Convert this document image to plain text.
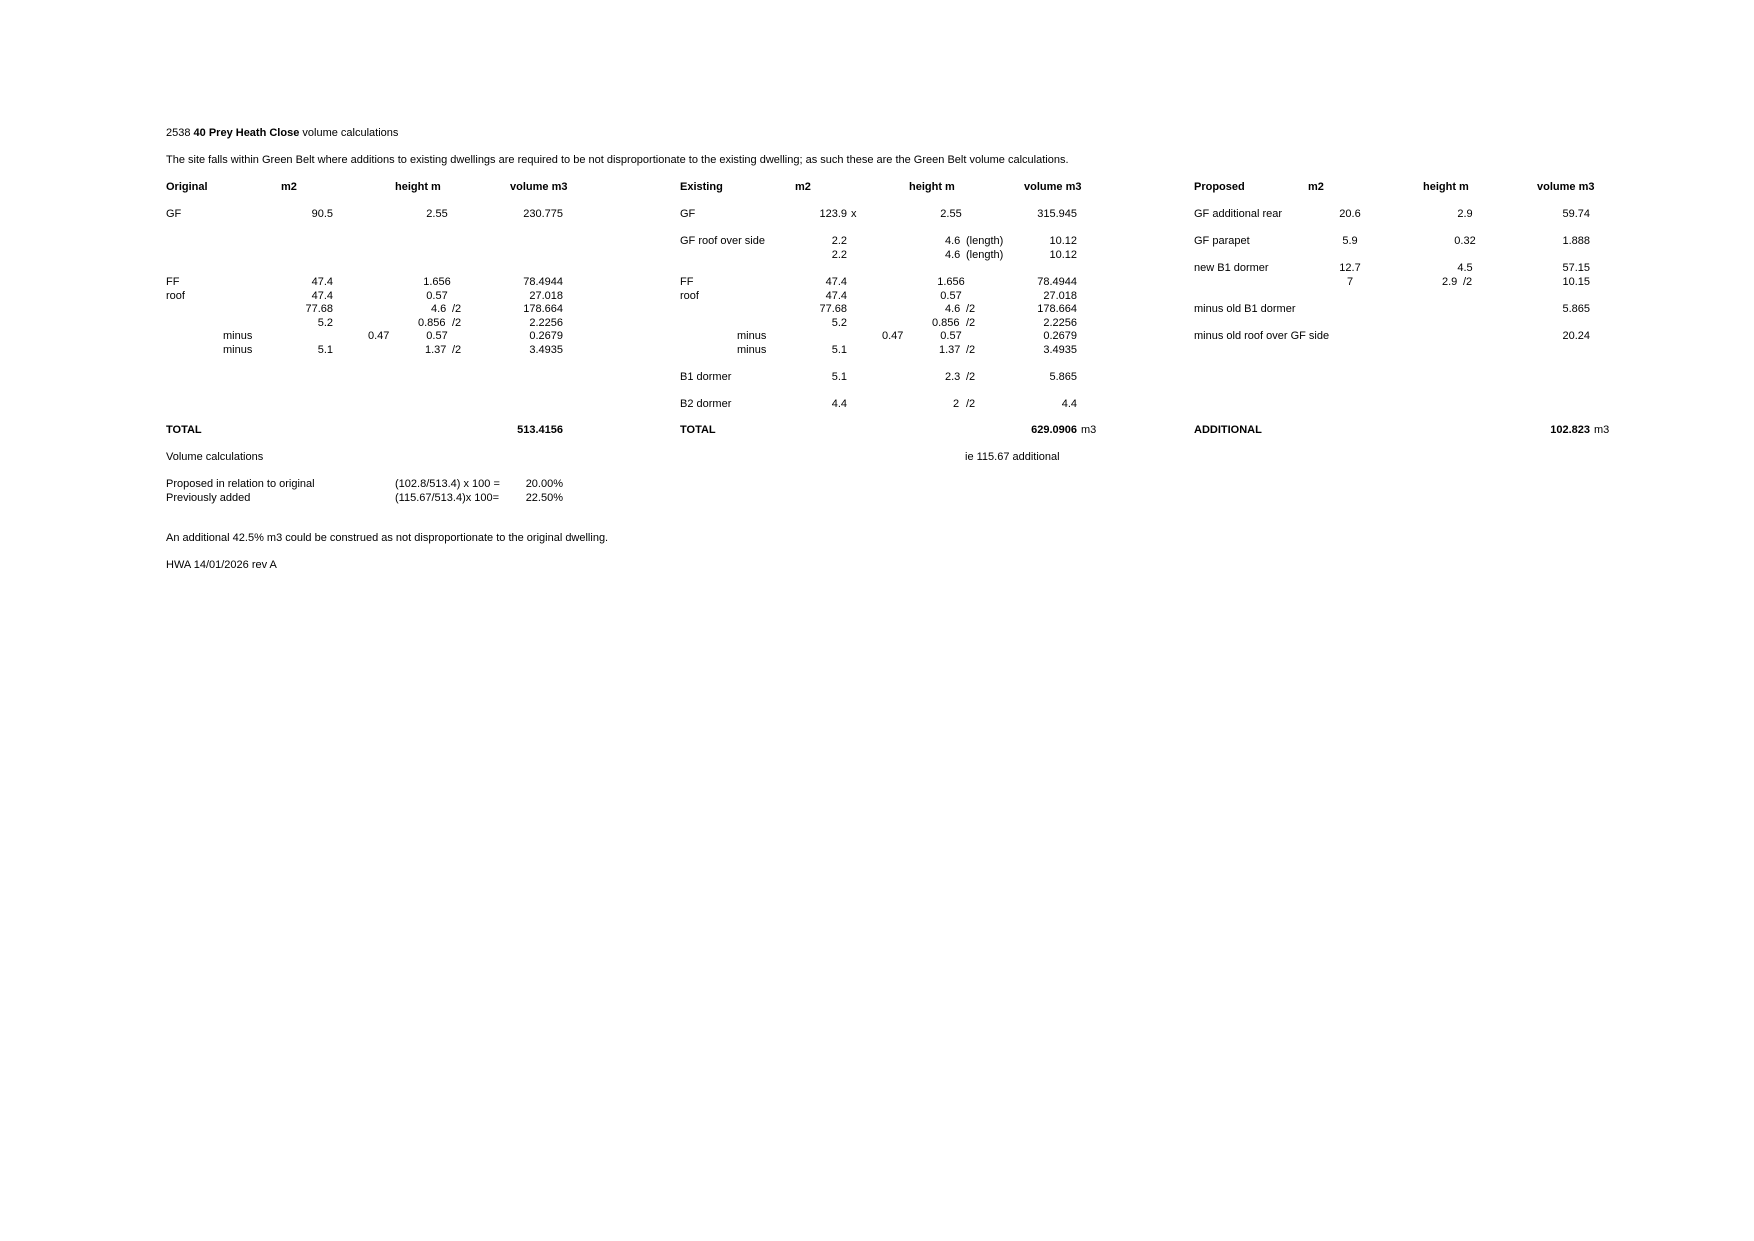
2538 40 Prey Heath Close volume calculations
The site falls within Green Belt where additions to existing dwellings are required to be not disproportionate to the existing dwelling; as such these are the Green Belt volume calculations.
Original	m2	height m	volume m3
GF	90.5	2.55	230.775
FF	47.4	1.656	78.4944
roof	47.4	0.57	27.018
77.68	4.6 /2	178.664
5.2	0.856 /2	2.2256
minus	0.47	0.57	0.2679
minus	5.1	1.37 /2	3.4935
TOTAL	513.4156
Existing	m2	height m	volume m3
GF	123.9 x	2.55	315.945
GF roof over side	2.2	4.6 (length)	10.12
2.2	4.6 (length)	10.12
FF	47.4	1.656	78.4944
roof	47.4	0.57	27.018
77.68	4.6 /2	178.664
5.2	0.856 /2	2.2256
minus	0.47	0.57	0.2679
minus	5.1	1.37 /2	3.4935
B1 dormer	5.1	2.3 /2	5.865
B2 dormer	4.4	2 /2	4.4
TOTAL	629.0906 m3
ie 115.67 additional
Proposed	m2	height m	volume m3
GF additional rear	20.6	2.9	59.74
GF parapet	5.9	0.32	1.888
new B1 dormer	12.7	4.5	57.15
7	2.9 /2	10.15
minus old B1 dormer	5.865
minus old roof over GF side	20.24
ADDITIONAL	102.823 m3
Volume calculations
Proposed in relation to original	(102.8/513.4) x 100 =	20.00%
Previously added	(115.67/513.4)x 100=	22.50%
An additional 42.5% m3 could be construed as not disproportionate to the original dwelling.
HWA 14/01/2026 rev A
